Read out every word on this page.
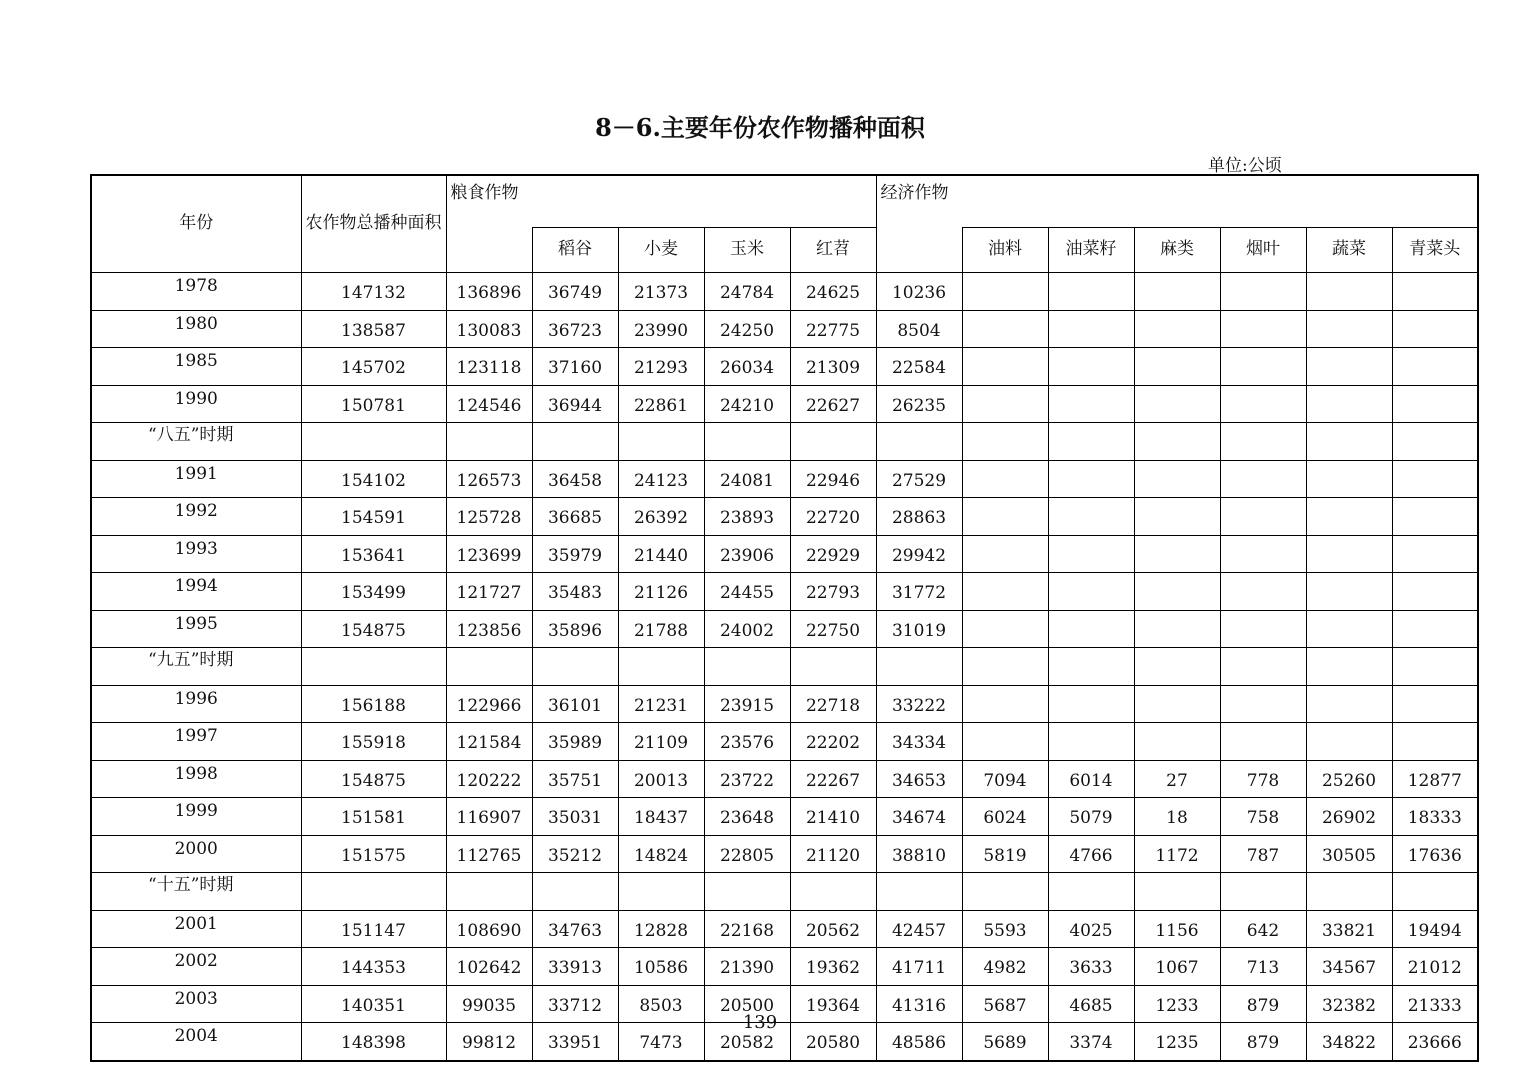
8－6.主要年份农作物播种面积
单位:公顷
年份	农作物总播种面积	粮食作物					经济作物						
			稻谷	小麦	玉米	红苕		油料	油菜籽	麻类	烟叶	蔬菜	青菜头
1978	147132	136896	36749	21373	24784	24625	10236						
1980	138587	130083	36723	23990	24250	22775	8504						
1985	145702	123118	37160	21293	26034	21309	22584						
1990	150781	124546	36944	22861	24210	22627	26235						
“八五”时期													
1991	154102	126573	36458	24123	24081	22946	27529						
1992	154591	125728	36685	26392	23893	22720	28863						
1993	153641	123699	35979	21440	23906	22929	29942						
1994	153499	121727	35483	21126	24455	22793	31772						
1995	154875	123856	35896	21788	24002	22750	31019						
“九五”时期													
1996	156188	122966	36101	21231	23915	22718	33222						
1997	155918	121584	35989	21109	23576	22202	34334						
1998	154875	120222	35751	20013	23722	22267	34653	7094	6014	27	778	25260	12877
1999	151581	116907	35031	18437	23648	21410	34674	6024	5079	18	758	26902	18333
2000	151575	112765	35212	14824	22805	21120	38810	5819	4766	1172	787	30505	17636
“十五”时期													
2001	151147	108690	34763	12828	22168	20562	42457	5593	4025	1156	642	33821	19494
2002	144353	102642	33913	10586	21390	19362	41711	4982	3633	1067	713	34567	21012
2003	140351	99035	33712	8503	20500	19364	41316	5687	4685	1233	879	32382	21333
2004	148398	99812	33951	7473	20582	20580	48586	5689	3374	1235	879	34822	23666
139
